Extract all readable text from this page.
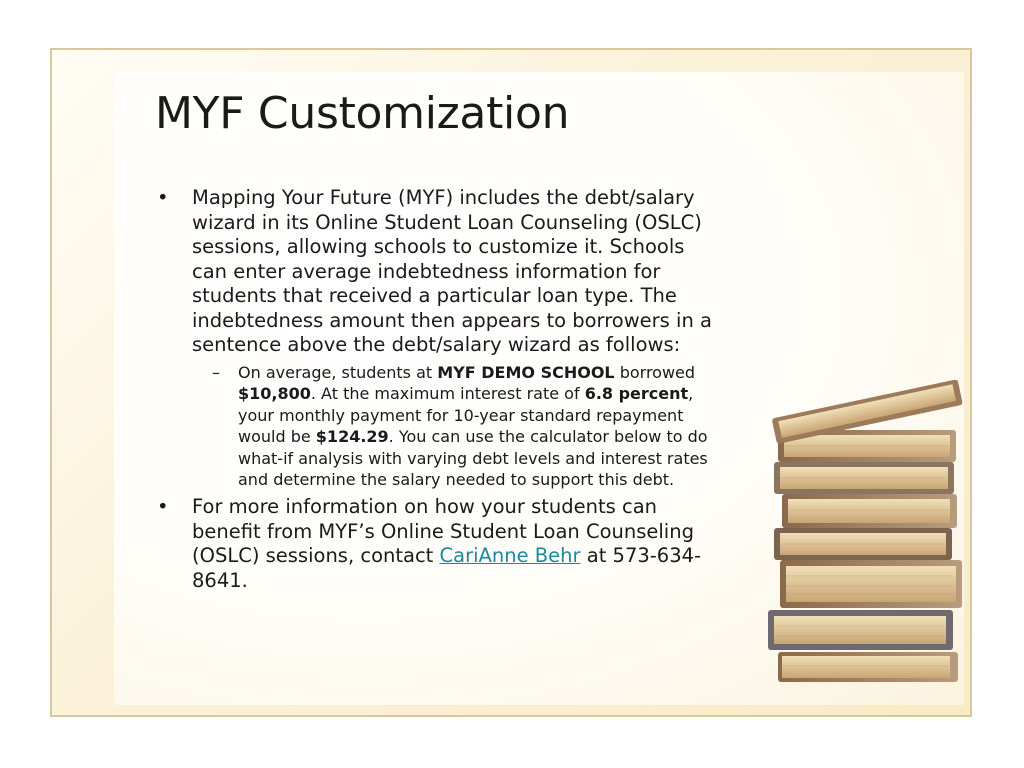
MYF Customization
• Mapping Your Future (MYF) includes the debt/salary wizard in its Online Student Loan Counseling (OSLC) sessions, allowing schools to customize it. Schools can enter average indebtedness information for students that received a particular loan type. The indebtedness amount then appears to borrowers in a sentence above the debt/salary wizard as follows:
– On average, students at MYF DEMO SCHOOL borrowed $10,800. At the maximum interest rate of 6.8 percent, your monthly payment for 10-year standard repayment would be $124.29. You can use the calculator below to do what-if analysis with varying debt levels and interest rates and determine the salary needed to support this debt.
• For more information on how your students can benefit from MYF’s Online Student Loan Counseling (OSLC) sessions, contact CariAnne Behr at 573-634-8641.
